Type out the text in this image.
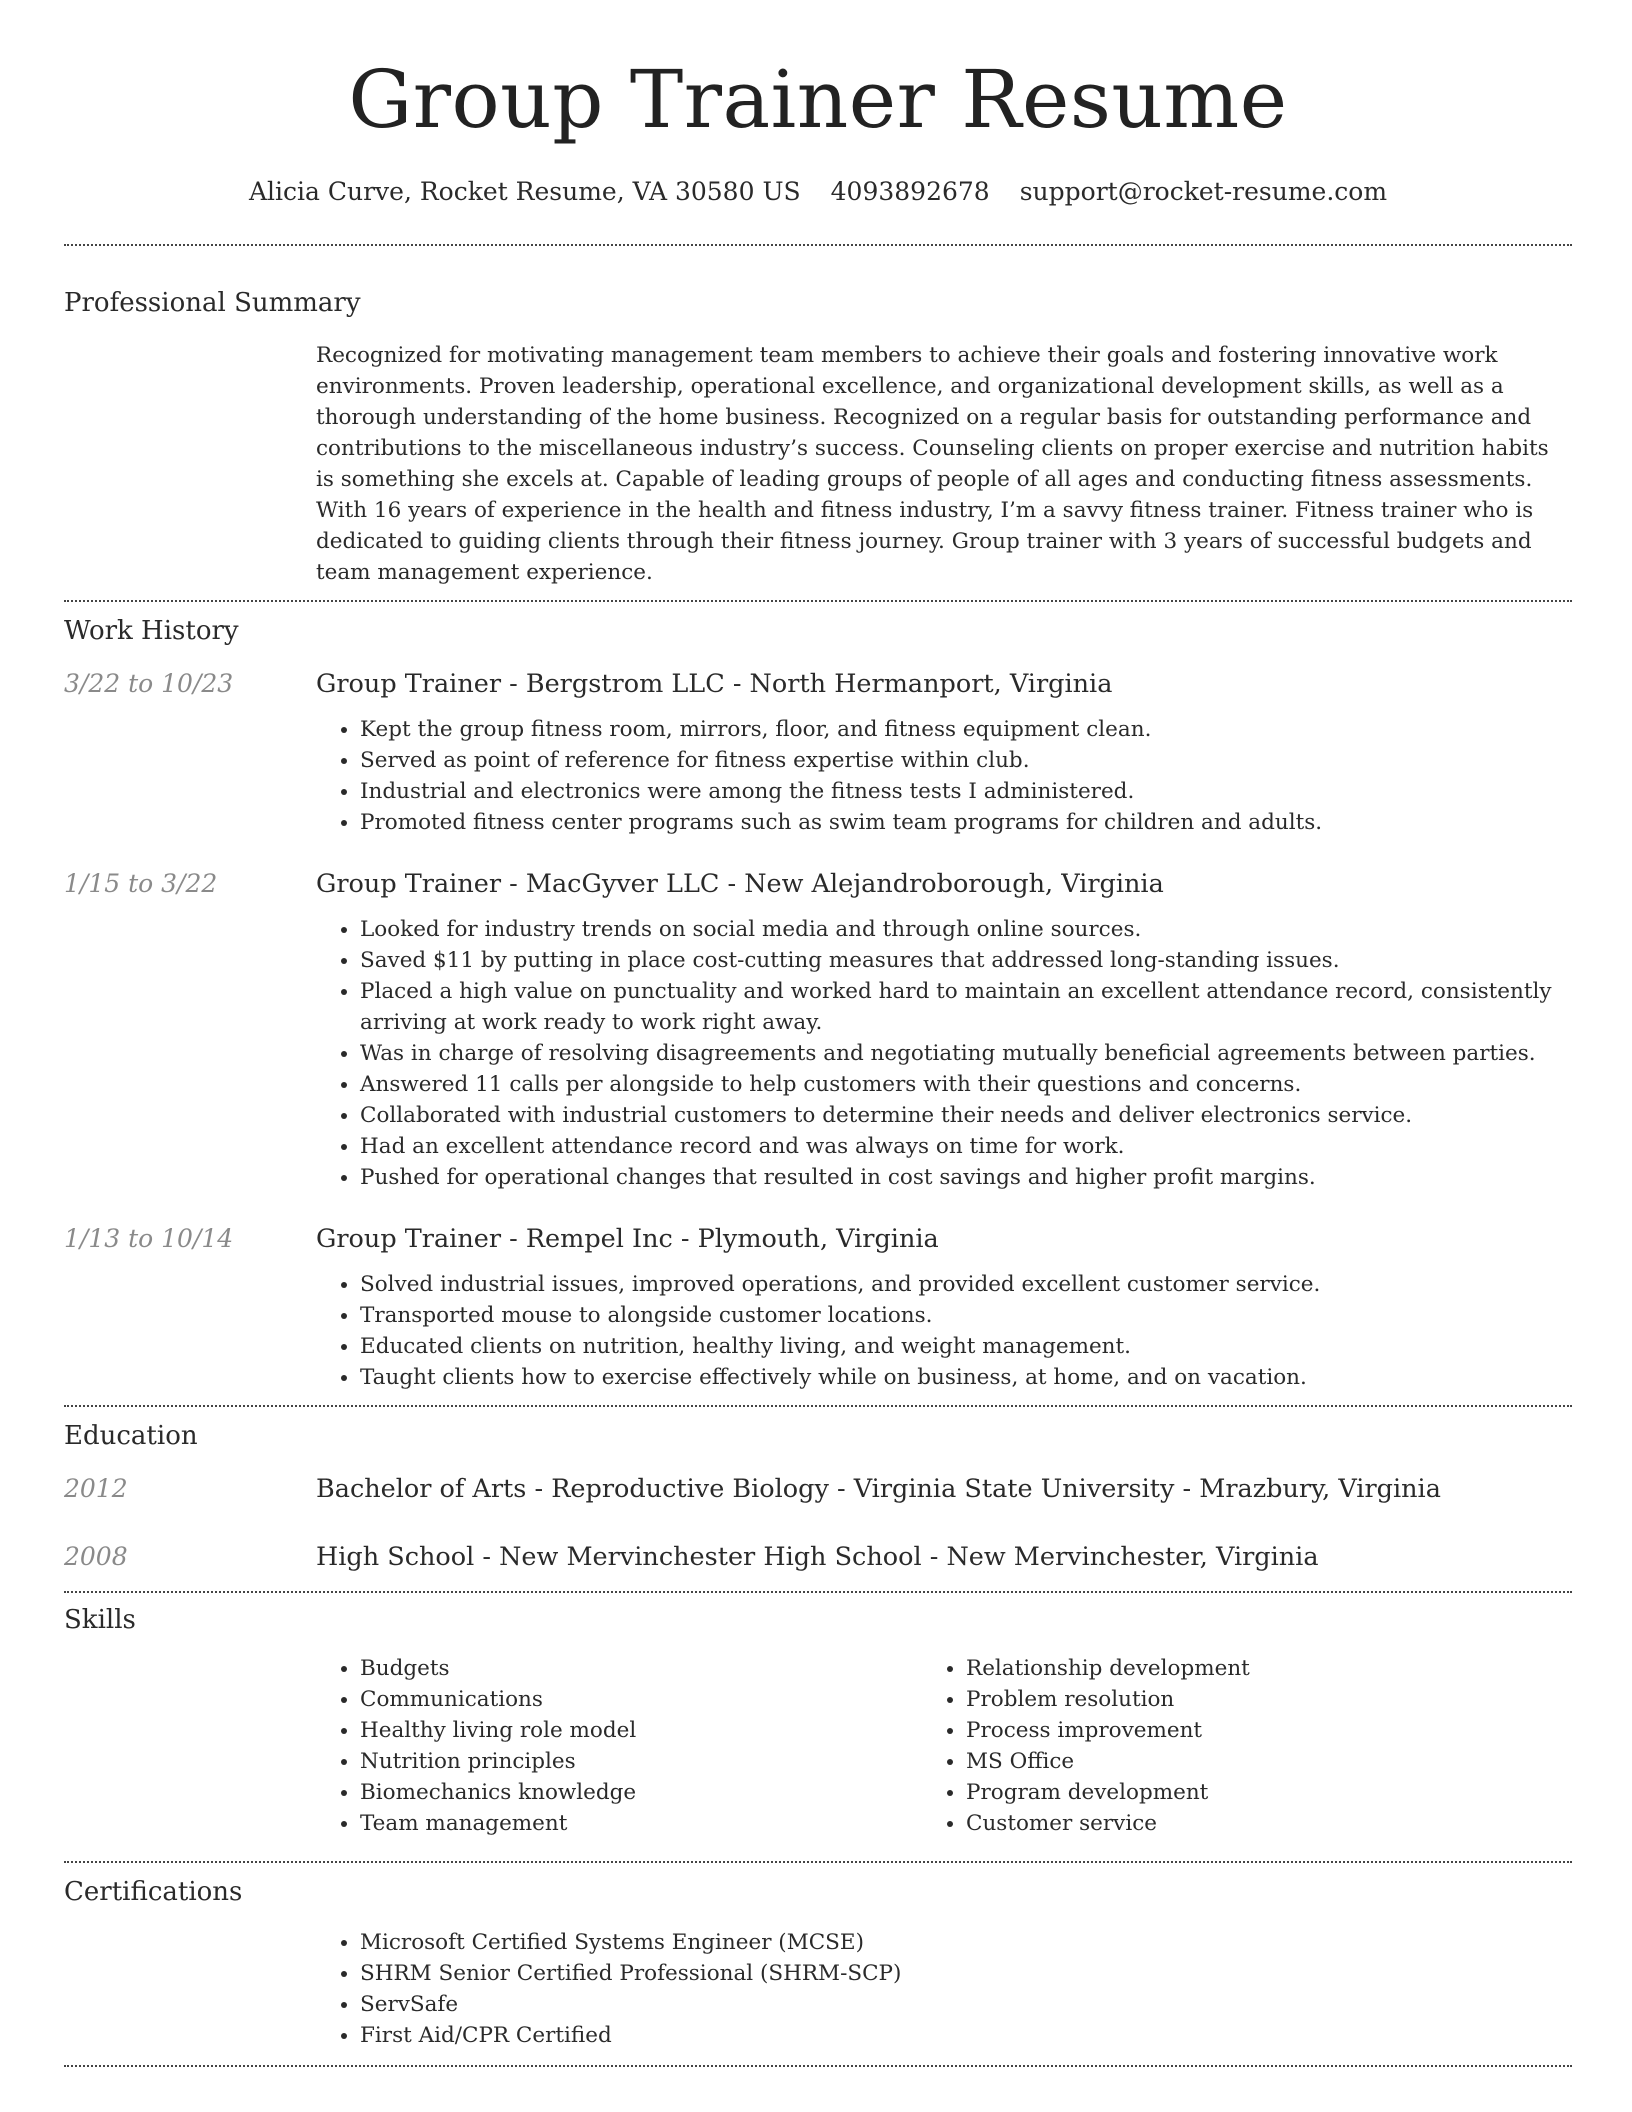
Group Trainer Resume
Alicia Curve, Rocket Resume, VA 30580 US 4093892678 support@rocket-resume.com
Professional Summary

Recognized for motivating management team members to achieve their goals and fostering innovative work environments. Proven leadership, operational excellence, and organizational development skills, as well as a thorough understanding of the home business. Recognized on a regular basis for outstanding performance and contributions to the miscellaneous industry’s success. Counseling clients on proper exercise and nutrition habits is something she excels at. Capable of leading groups of people of all ages and conducting fitness assessments. With 16 years of experience in the health and fitness industry, I’m a savvy fitness trainer. Fitness trainer who is dedicated to guiding clients through their fitness journey. Group trainer with 3 years of successful budgets and team management experience.

Work History
3/22 to 10/23	Group Trainer - Bergstrom LLC - North Hermanport, Virginia
• Kept the group fitness room, mirrors, floor, and fitness equipment clean.
• Served as point of reference for fitness expertise within club.
• Industrial and electronics were among the fitness tests I administered.
• Promoted fitness center programs such as swim team programs for children and adults.
1/15 to 3/22	Group Trainer - MacGyver LLC - New Alejandroborough, Virginia
• Looked for industry trends on social media and through online sources.
• Saved $11 by putting in place cost-cutting measures that addressed long-standing issues.
• Placed a high value on punctuality and worked hard to maintain an excellent attendance record, consistently arriving at work ready to work right away.
• Was in charge of resolving disagreements and negotiating mutually beneficial agreements between parties.
• Answered 11 calls per alongside to help customers with their questions and concerns.
• Collaborated with industrial customers to determine their needs and deliver electronics service.
• Had an excellent attendance record and was always on time for work.
• Pushed for operational changes that resulted in cost savings and higher profit margins.
1/13 to 10/14	Group Trainer - Rempel Inc - Plymouth, Virginia
• Solved industrial issues, improved operations, and provided excellent customer service.
• Transported mouse to alongside customer locations.
• Educated clients on nutrition, healthy living, and weight management.
• Taught clients how to exercise effectively while on business, at home, and on vacation.
Education
2012	Bachelor of Arts - Reproductive Biology - Virginia State University - Mrazbury, Virginia
2008	High School - New Mervinchester High School - New Mervinchester, Virginia
Skills
• Budgets
• Communications
• Healthy living role model
• Nutrition principles
• Biomechanics knowledge
• Team management
• Relationship development
• Problem resolution
• Process improvement
• MS Office
• Program development
• Customer service
Certifications
• Microsoft Certified Systems Engineer (MCSE)
• SHRM Senior Certified Professional (SHRM-SCP)
• ServSafe
• First Aid/CPR Certified
